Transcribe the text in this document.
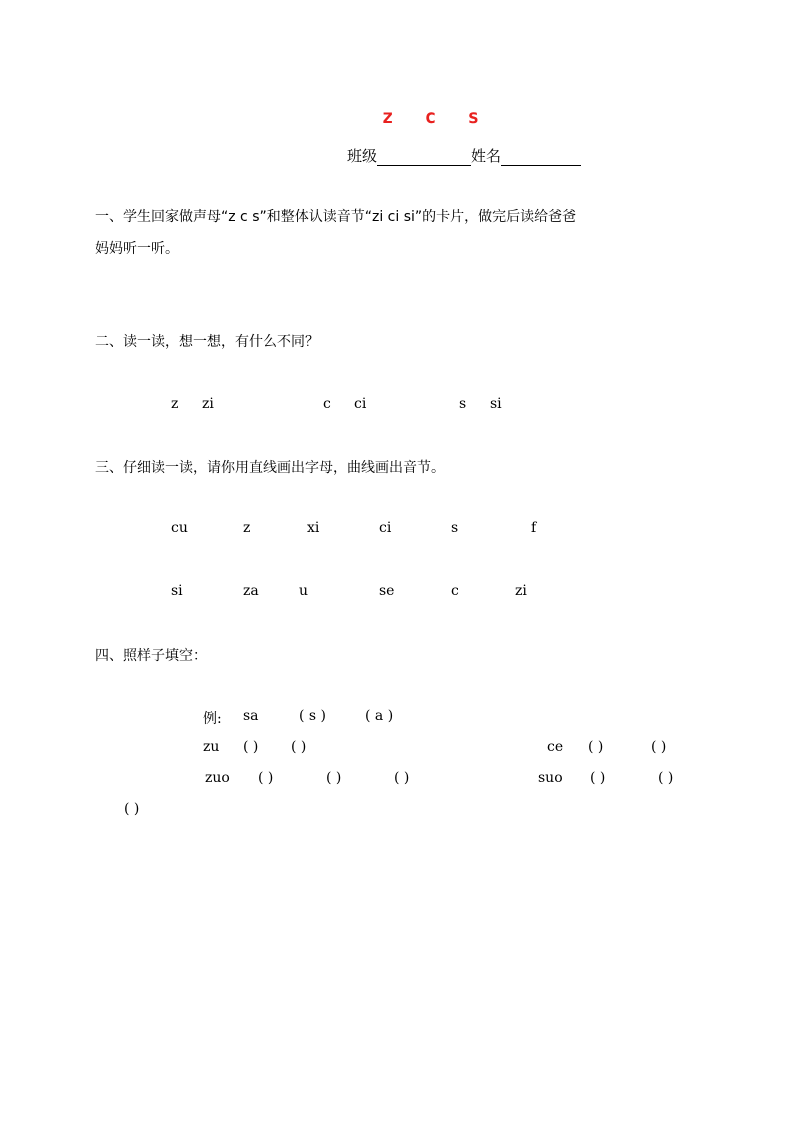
z c s
班级	姓名
一、学生回家做声母“z c s”和整体认读音节“zi ci si”的卡片，做完后读给爸爸
妈妈听一听。
二、读一读，想一想，有什么不同？
z zi	c ci	s si
三、仔细读一读，请你用直线画出字母，曲线画出音节。
cu	z	xi	ci	s	f
si	za	u	se	c	zi
四、照样子填空：
例: sa	( s )	( a )
zu ( ) ( )	ce ( )	( )
zuo ( )	( )	( )	suo ( )	( )
( )
